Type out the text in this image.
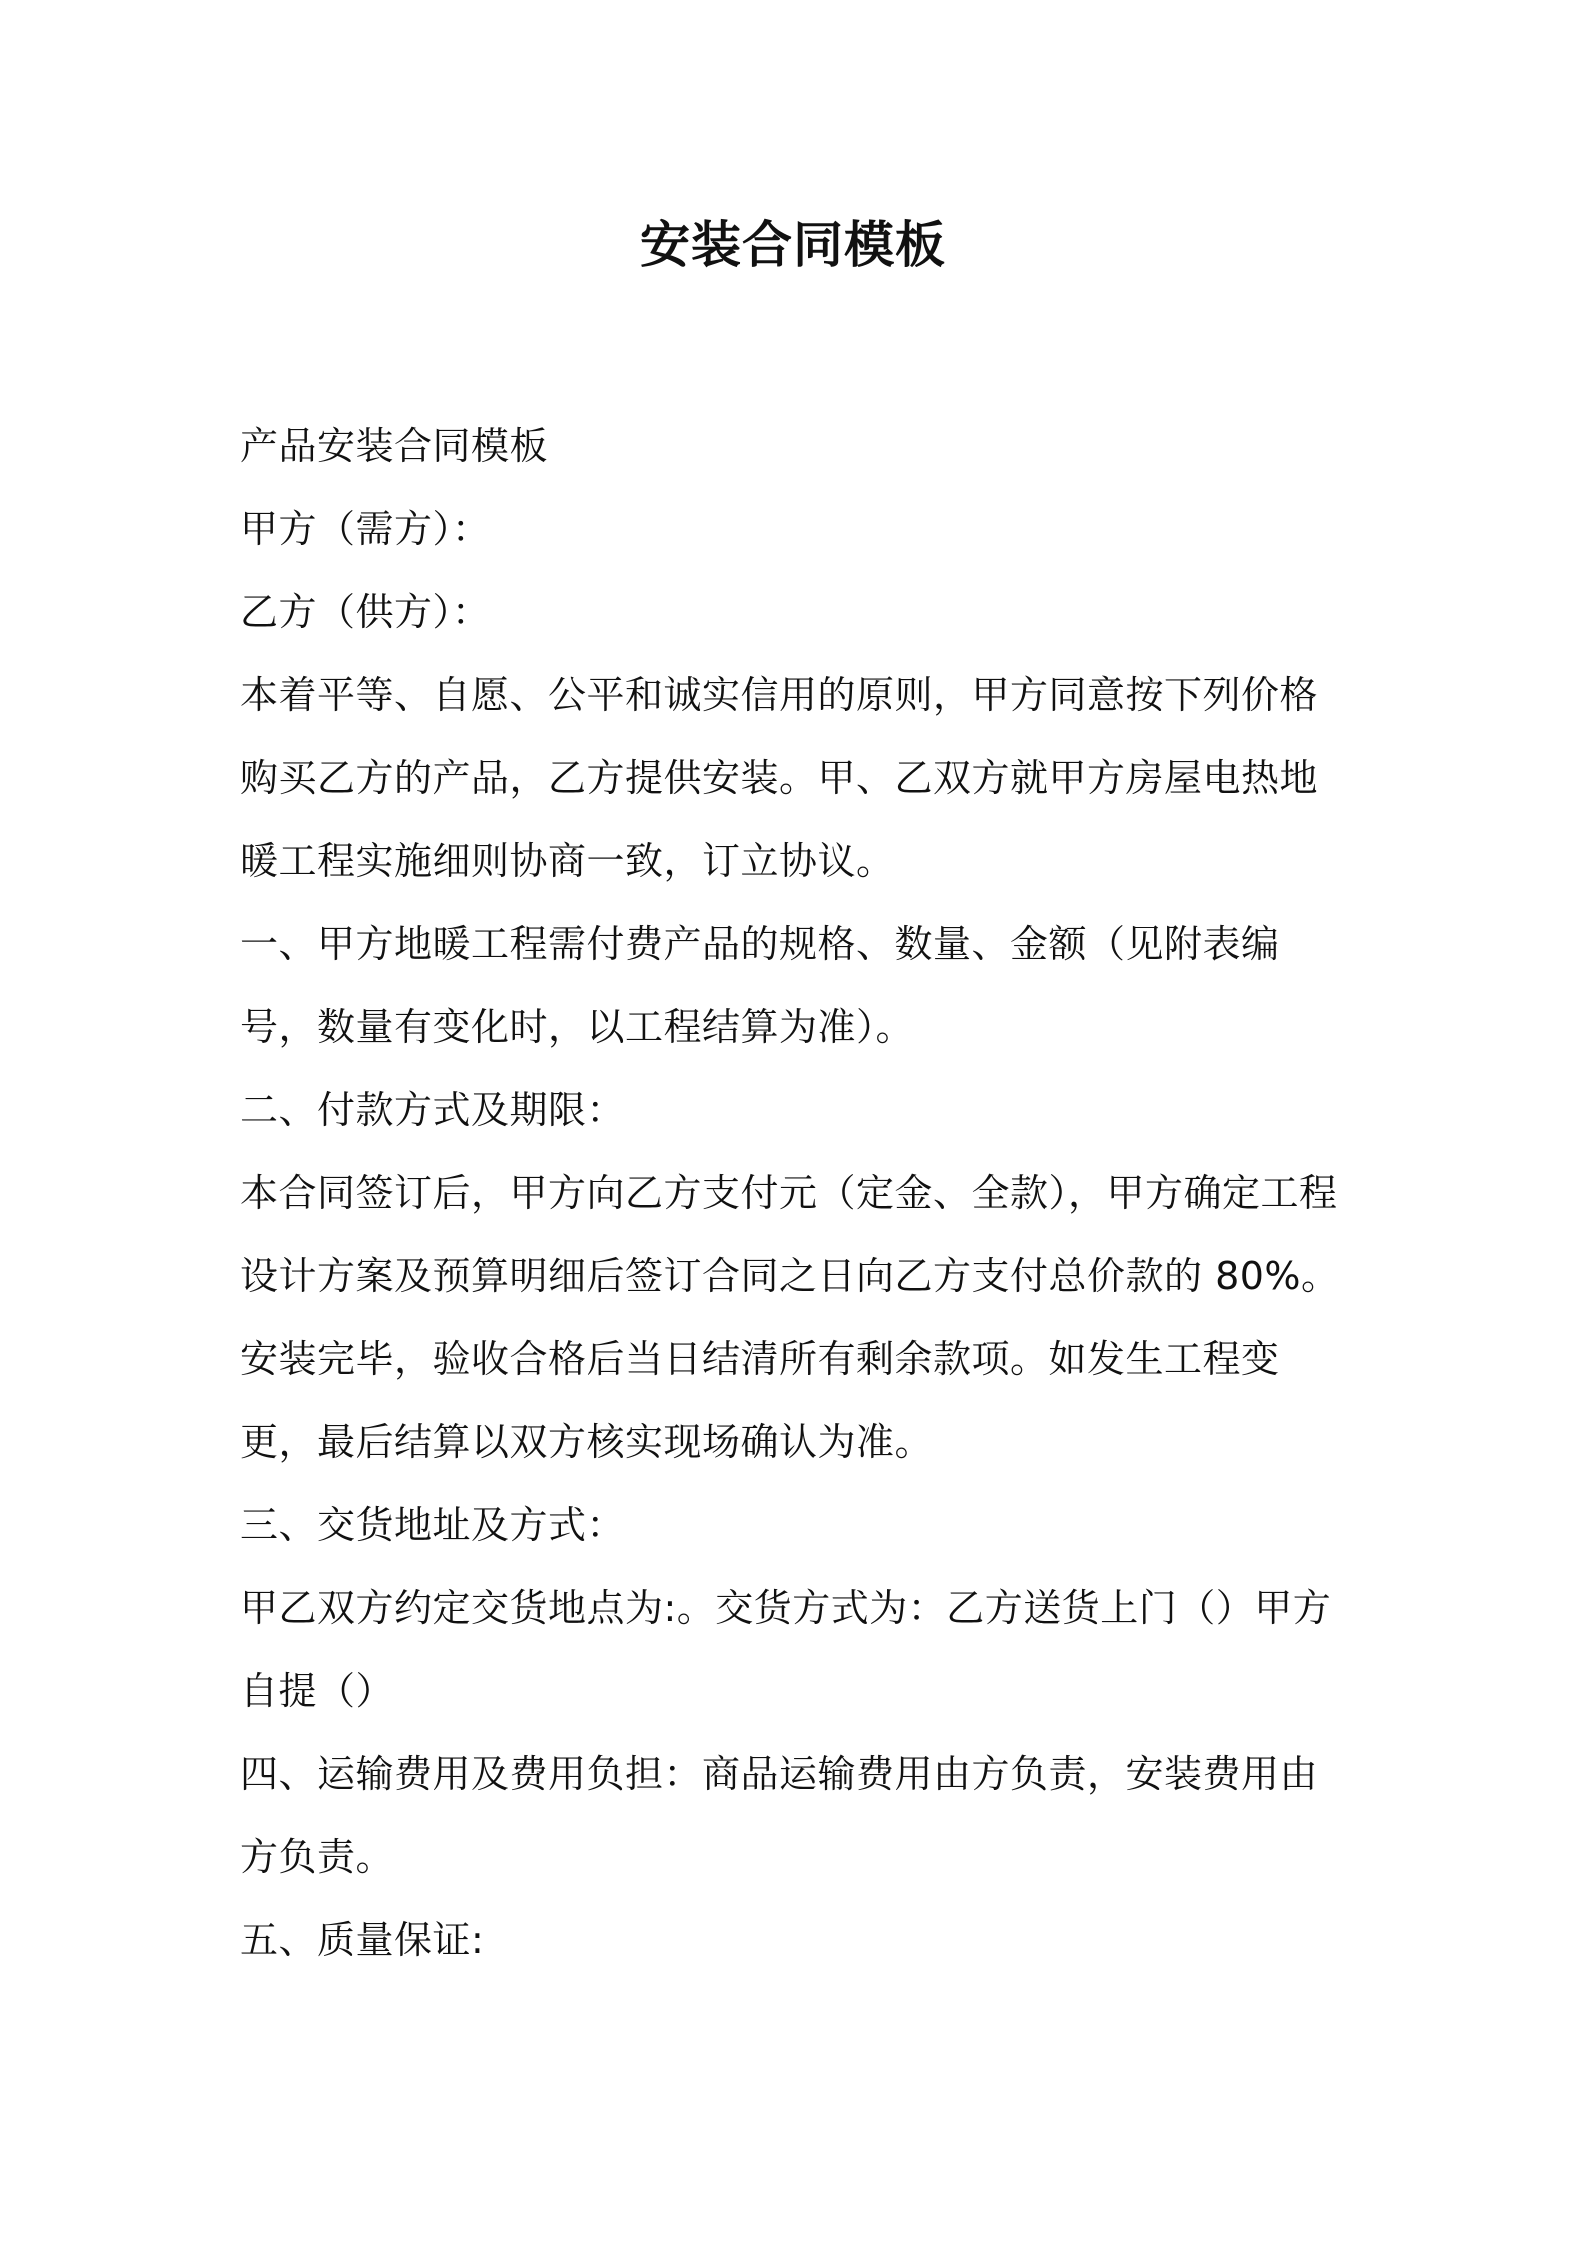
安装合同模板

产品安装合同模板

甲方（需方）：

乙方（供方）：

本着平等、自愿、公平和诚实信用的原则，甲方同意按下列价格购买乙方的产品，乙方提供安装。甲、乙双方就甲方房屋电热地暖工程实施细则协商一致，订立协议。

一、甲方地暖工程需付费产品的规格、数量、金额（见附表编号，数量有变化时，以工程结算为准）。

二、付款方式及期限：

本合同签订后，甲方向乙方支付元（定金、全款），甲方确定工程设计方案及预算明细后签订合同之日向乙方支付总价款的 80%。安装完毕，验收合格后当日结清所有剩余款项。如发生工程变更，最后结算以双方核实现场确认为准。

三、交货地址及方式：

甲乙双方约定交货地点为:。交货方式为：乙方送货上门（）甲方自提（）

四、运输费用及费用负担：商品运输费用由方负责，安装费用由方负责。

五、质量保证:
